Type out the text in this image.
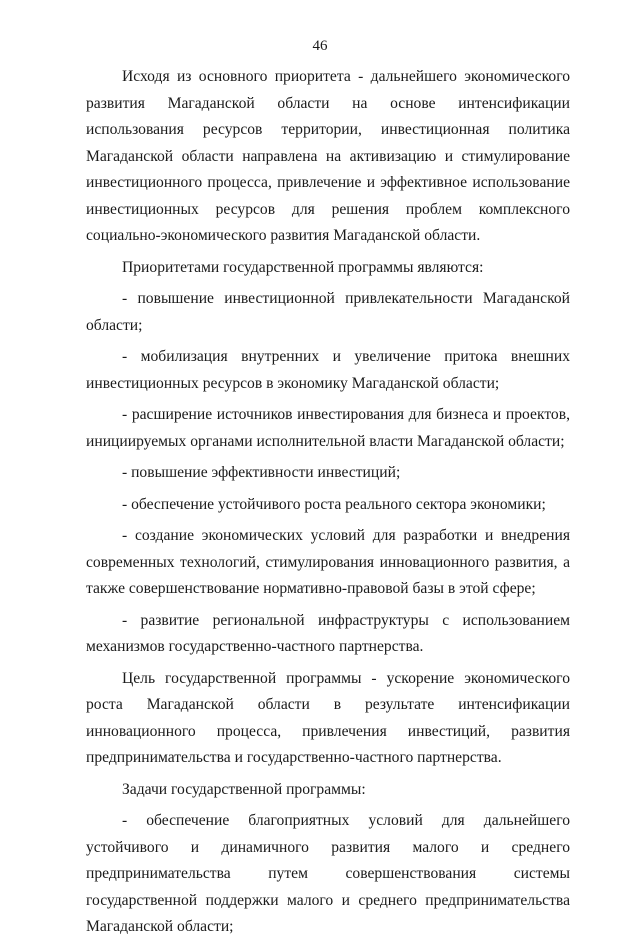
46

Исходя из основного приоритета - дальнейшего экономического развития Магаданской области на основе интенсификации использования ресурсов территории, инвестиционная политика Магаданской области направлена на активизацию и стимулирование инвестиционного процесса, привлечение и эффективное использование инвестиционных ресурсов для решения проблем комплексного социально-экономического развития Магаданской области.

Приоритетами государственной программы являются:

- повышение инвестиционной привлекательности Магаданской области;

- мобилизация внутренних и увеличение притока внешних инвестиционных ресурсов в экономику Магаданской области;

- расширение источников инвестирования для бизнеса и проектов, инициируемых органами исполнительной власти Магаданской области;

- повышение эффективности инвестиций;

- обеспечение устойчивого роста реального сектора экономики;

- создание экономических условий для разработки и внедрения современных технологий, стимулирования инновационного развития, а также совершенствование нормативно-правовой базы в этой сфере;

- развитие региональной инфраструктуры с использованием механизмов государственно-частного партнерства.

Цель государственной программы - ускорение экономического роста Магаданской области в результате интенсификации инновационного процесса, привлечения инвестиций, развития предпринимательства и государственно-частного партнерства.

Задачи государственной программы:

- обеспечение благоприятных условий для дальнейшего устойчивого и динамичного развития малого и среднего предпринимательства путем совершенствования системы государственной поддержки малого и среднего предпринимательства Магаданской области;
